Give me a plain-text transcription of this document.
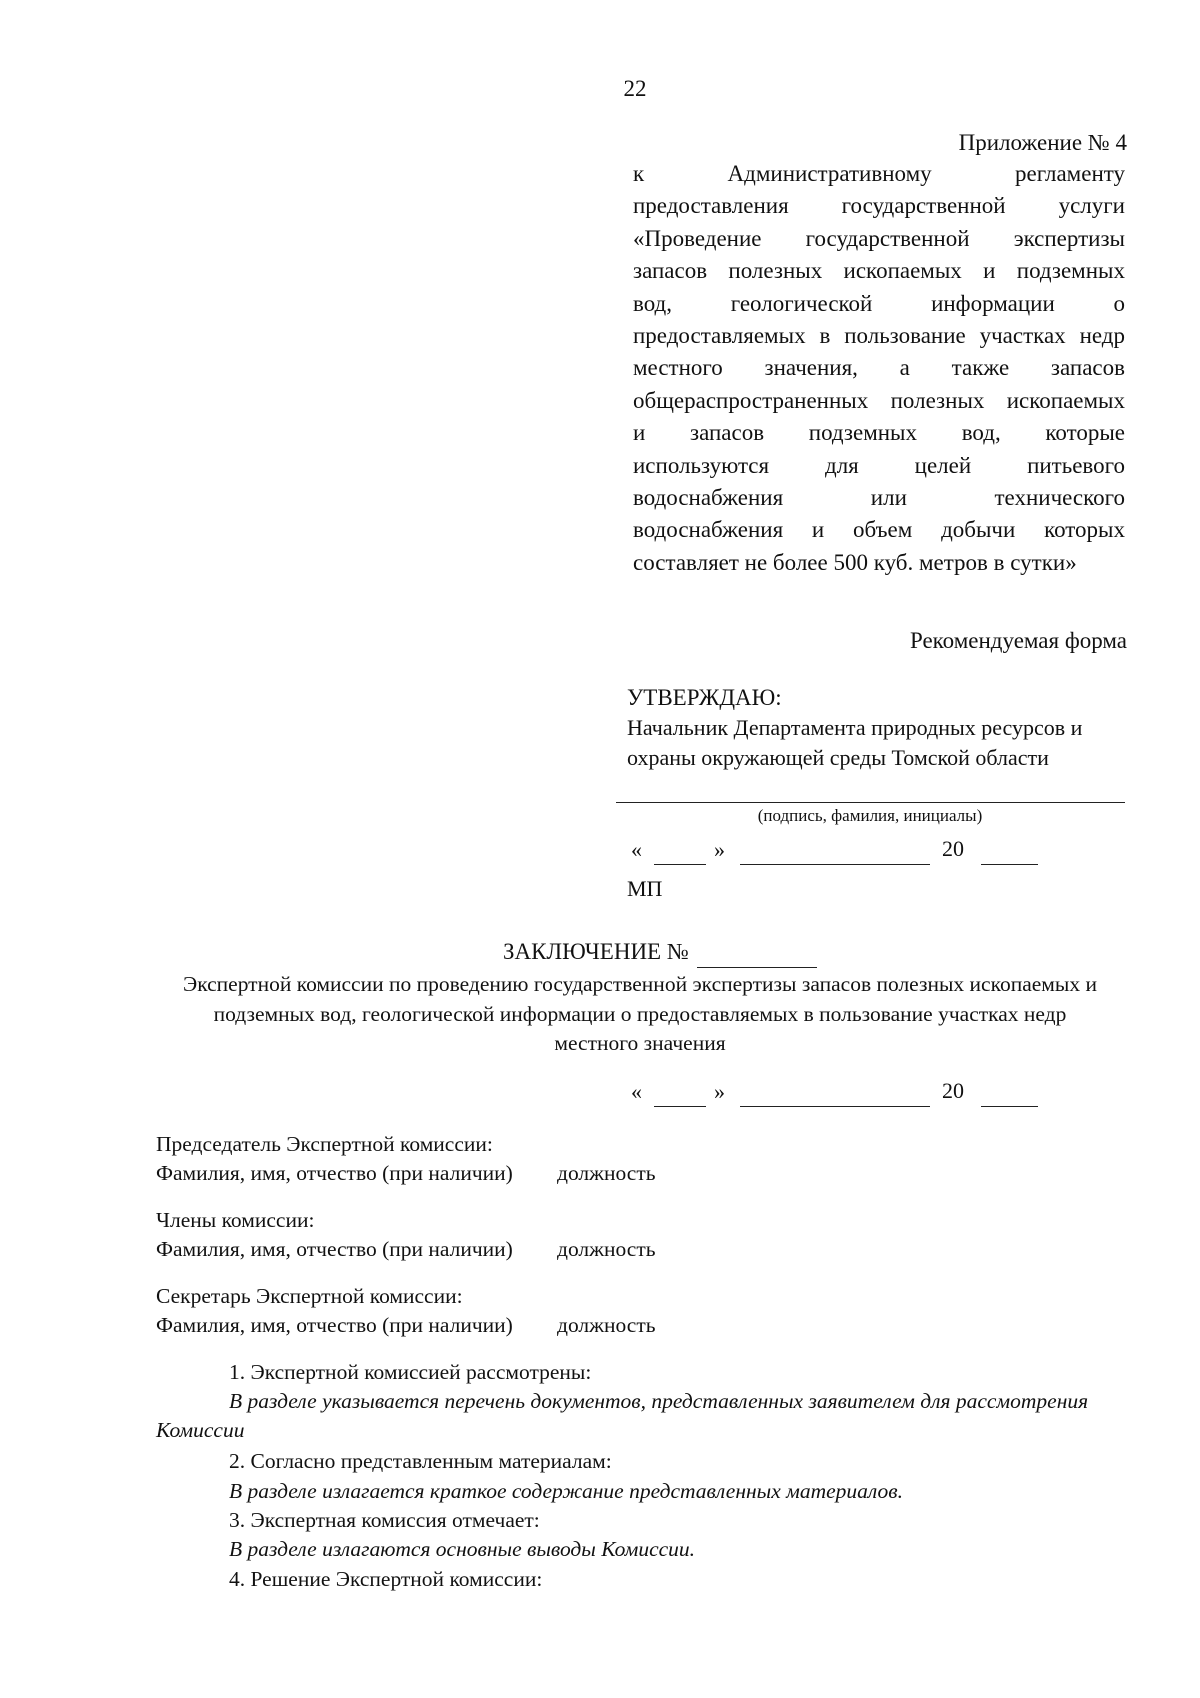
22
Приложение № 4
к Административному регламенту
предоставления государственной услуги
«Проведение государственной экспертизы
запасов полезных ископаемых и подземных
вод, геологической информации о
предоставляемых в пользование участках недр
местного значения, а также запасов
общераспространенных полезных ископаемых
и запасов подземных вод, которые
используются для целей питьевого
водоснабжения или технического
водоснабжения и объем добычи которых
составляет не более 500 куб. метров в сутки»
Рекомендуемая форма
УТВЕРЖДАЮ:
Начальник Департамента природных ресурсов и охраны окружающей среды Томской области
(подпись, фамилия, инициалы)
«	»	20
МП
ЗАКЛЮЧЕНИЕ №
Экспертной комиссии по проведению государственной экспертизы запасов полезных ископаемых и
подземных вод, геологической информации о предоставляемых в пользование участках недр
местного значения
«	»	20
Председатель Экспертной комиссии:
Фамилия, имя, отчество (при наличии) должность
Члены комиссии:
Фамилия, имя, отчество (при наличии) должность
Секретарь Экспертной комиссии:
Фамилия, имя, отчество (при наличии) должность
1. Экспертной комиссией рассмотрены:
В разделе указывается перечень документов, представленных заявителем для рассмотрения
Комиссии
2. Согласно представленным материалам:
В разделе излагается краткое содержание представленных материалов.
3. Экспертная комиссия отмечает:
В разделе излагаются основные выводы Комиссии.
4. Решение Экспертной комиссии:
